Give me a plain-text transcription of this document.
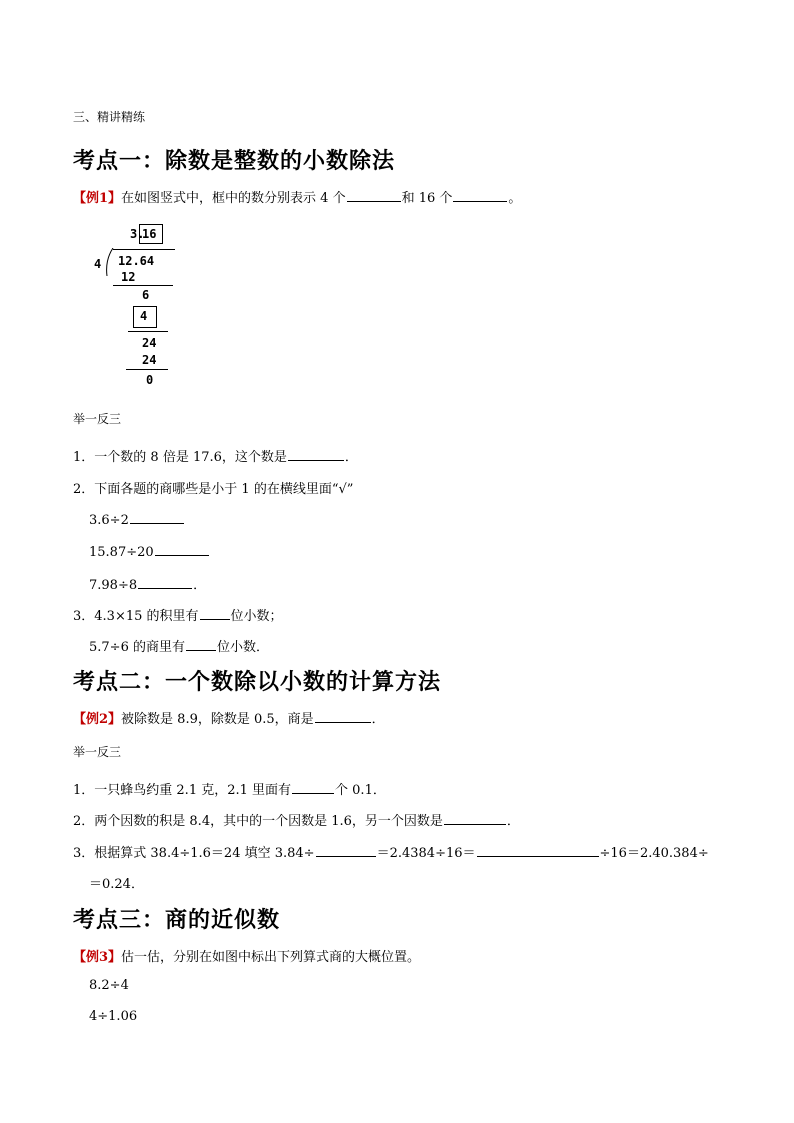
三、精讲精练
考点一：除数是整数的小数除法
【例1】在如图竖式中，框中的数分别表示 4 个	和 16 个	。
3.
16
4 12.64
12
6
4
24
24
0
举一反三
1．一个数的 8 倍是 17.6，这个数是	．
2．下面各题的商哪些是小于 1 的在横线里面“√”
3.6÷2
15.87÷20
7.98÷8	．
3．4.3×15 的积里有 位小数；
5.7÷6 的商里有 位小数．
考点二：一个数除以小数的计算方法
【例2】被除数是 8.9，除数是 0.5，商是	．
举一反三
1．一只蜂鸟约重 2.1 克，2.1 里面有	个 0.1．
2．两个因数的积是 8.4，其中的一个因数是 1.6，另一个因数是	．
3．根据算式 38.4÷1.6＝24 填空 3.84÷	＝2.4384÷16＝	÷16＝2.40.384÷
＝0.24．
考点三：商的近似数
【例3】估一估，分别在如图中标出下列算式商的大概位置。
8.2÷4
4÷1.06
